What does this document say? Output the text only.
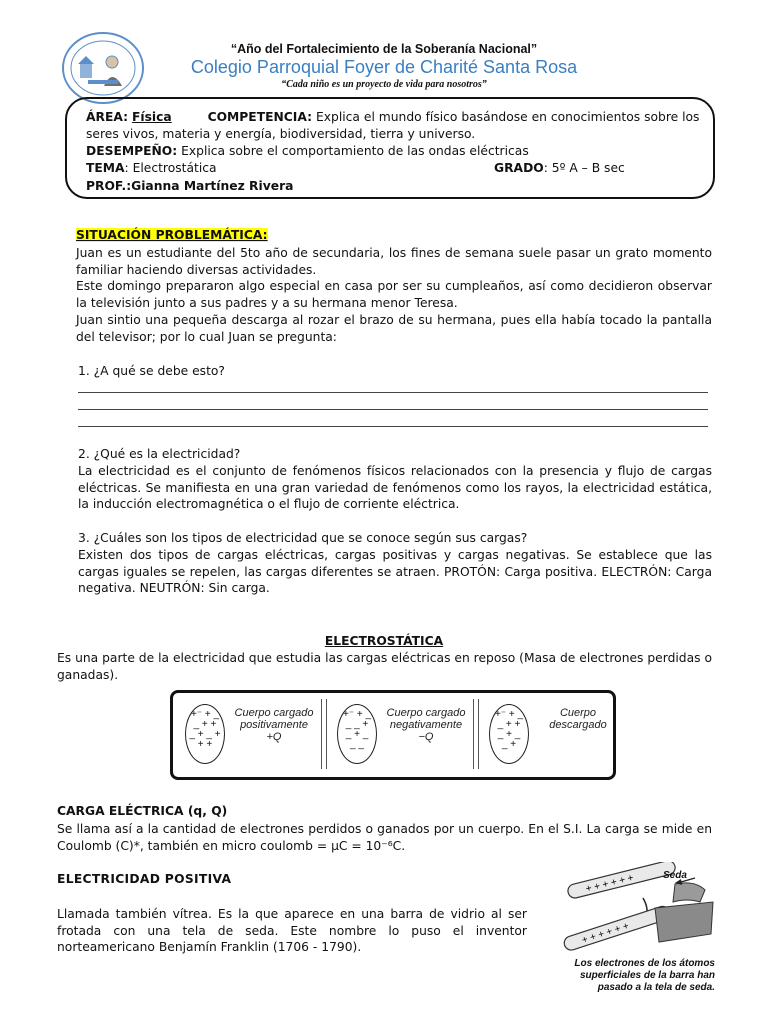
“Año del Fortalecimiento de la Soberanía Nacional”
Colegio Parroquial Foyer de Charité Santa Rosa
“Cada niño es un proyecto de vida para nosotros”
ÁREA: Física	COMPETENCIA: Explica el mundo físico basándose en conocimientos sobre los
seres vivos, materia y energía, biodiversidad, tierra y universo.
DESEMPEÑO: Explica sobre el comportamiento de las ondas eléctricas
TEMA: Electrostática	GRADO: 5º A – B sec
PROF.:Gianna Martínez Rivera
SITUACIÓN PROBLEMÁTICA:
Juan es un estudiante del 5to año de secundaria, los fines de semana suele pasar un grato momento familiar haciendo diversas actividades.
Este domingo prepararon algo especial en casa por ser su cumpleaños, así como decidieron observar la televisión junto a sus padres y a su hermana menor Teresa.
Juan sintio una pequeña descarga al rozar el brazo de su hermana, pues ella había tocado la pantalla del televisor; por lo cual Juan se pregunta:
1. ¿A qué se debe esto?
2. ¿Qué es la electricidad?
La electricidad es el conjunto de fenómenos físicos relacionados con la presencia y flujo de cargas eléctricas. Se manifiesta en una gran variedad de fenómenos como los rayos, la electricidad estática, la inducción electromagnética o el flujo de corriente eléctrica.
3. ¿Cuáles son los tipos de electricidad que se conoce según sus cargas?
Existen dos tipos de cargas eléctricas, cargas positivas y cargas negativas. Se establece que las cargas iguales se repelen, las cargas diferentes se atraen. PROTÓN: Carga positiva. ELECTRÓN: Carga negativa. NEUTRÓN: Sin carga.
ELECTROSTÁTICA
Es una parte de la electricidad que estudia las cargas eléctricas en reposo (Masa de electrones perdidas o ganadas).
+⁻ + _
_ + +
_ + _ +
+ +
Cuerpo cargado positivamente
+Q
+⁻ + _
_ _ +
_ + _
_ _
Cuerpo cargado negativamente
−Q
+⁻ + _
_ + +
_ + _
_ +
Cuerpo descargado
CARGA ELÉCTRICA (q, Q)
Se llama así a la cantidad de electrones perdidos o ganados por un cuerpo. En el S.I. La carga se mide en Coulomb (C)*, también en micro coulomb = μC = 10⁻⁶C.
ELECTRICIDAD POSITIVA
Llamada también vítrea. Es la que aparece en una barra de vidrio al ser frotada con una tela de seda. Este nombre lo puso el inventor norteamericano Benjamín Franklin (1706 - 1790).
+ + + + + +
+ + + + + +
Seda
Los electrones de los átomos superficiales de la barra han pasado a la tela de seda.
